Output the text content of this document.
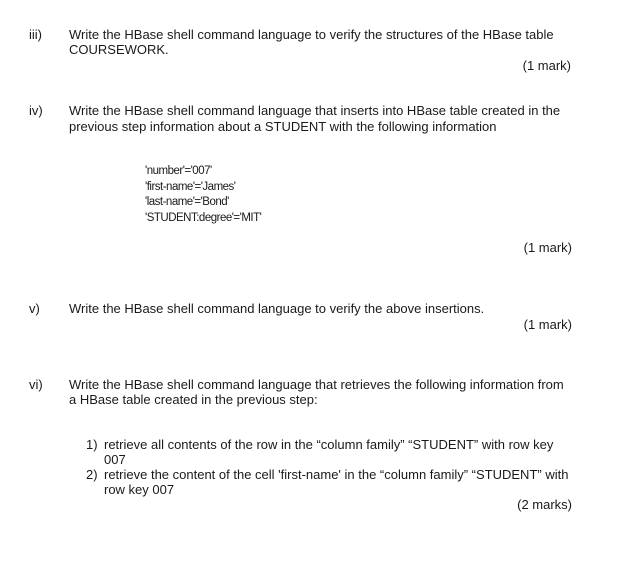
iii) Write the HBase shell command language to verify the structures of the HBase table
COURSEWORK.
(1 mark)
iv) Write the HBase shell command language that inserts into HBase table created in the
previous step information about a STUDENT with the following information
'number'='007'
'first-name'='James'
'last-name'='Bond'
'STUDENT:degree'='MIT'
(1 mark)
v) Write the HBase shell command language to verify the above insertions.
(1 mark)
vi) Write the HBase shell command language that retrieves the following information from
a HBase table created in the previous step:
1) retrieve all contents of the row in the “column family” “STUDENT” with row key
007
2) retrieve the content of the cell 'first-name' in the “column family” “STUDENT” with
row key 007
(2 marks)
